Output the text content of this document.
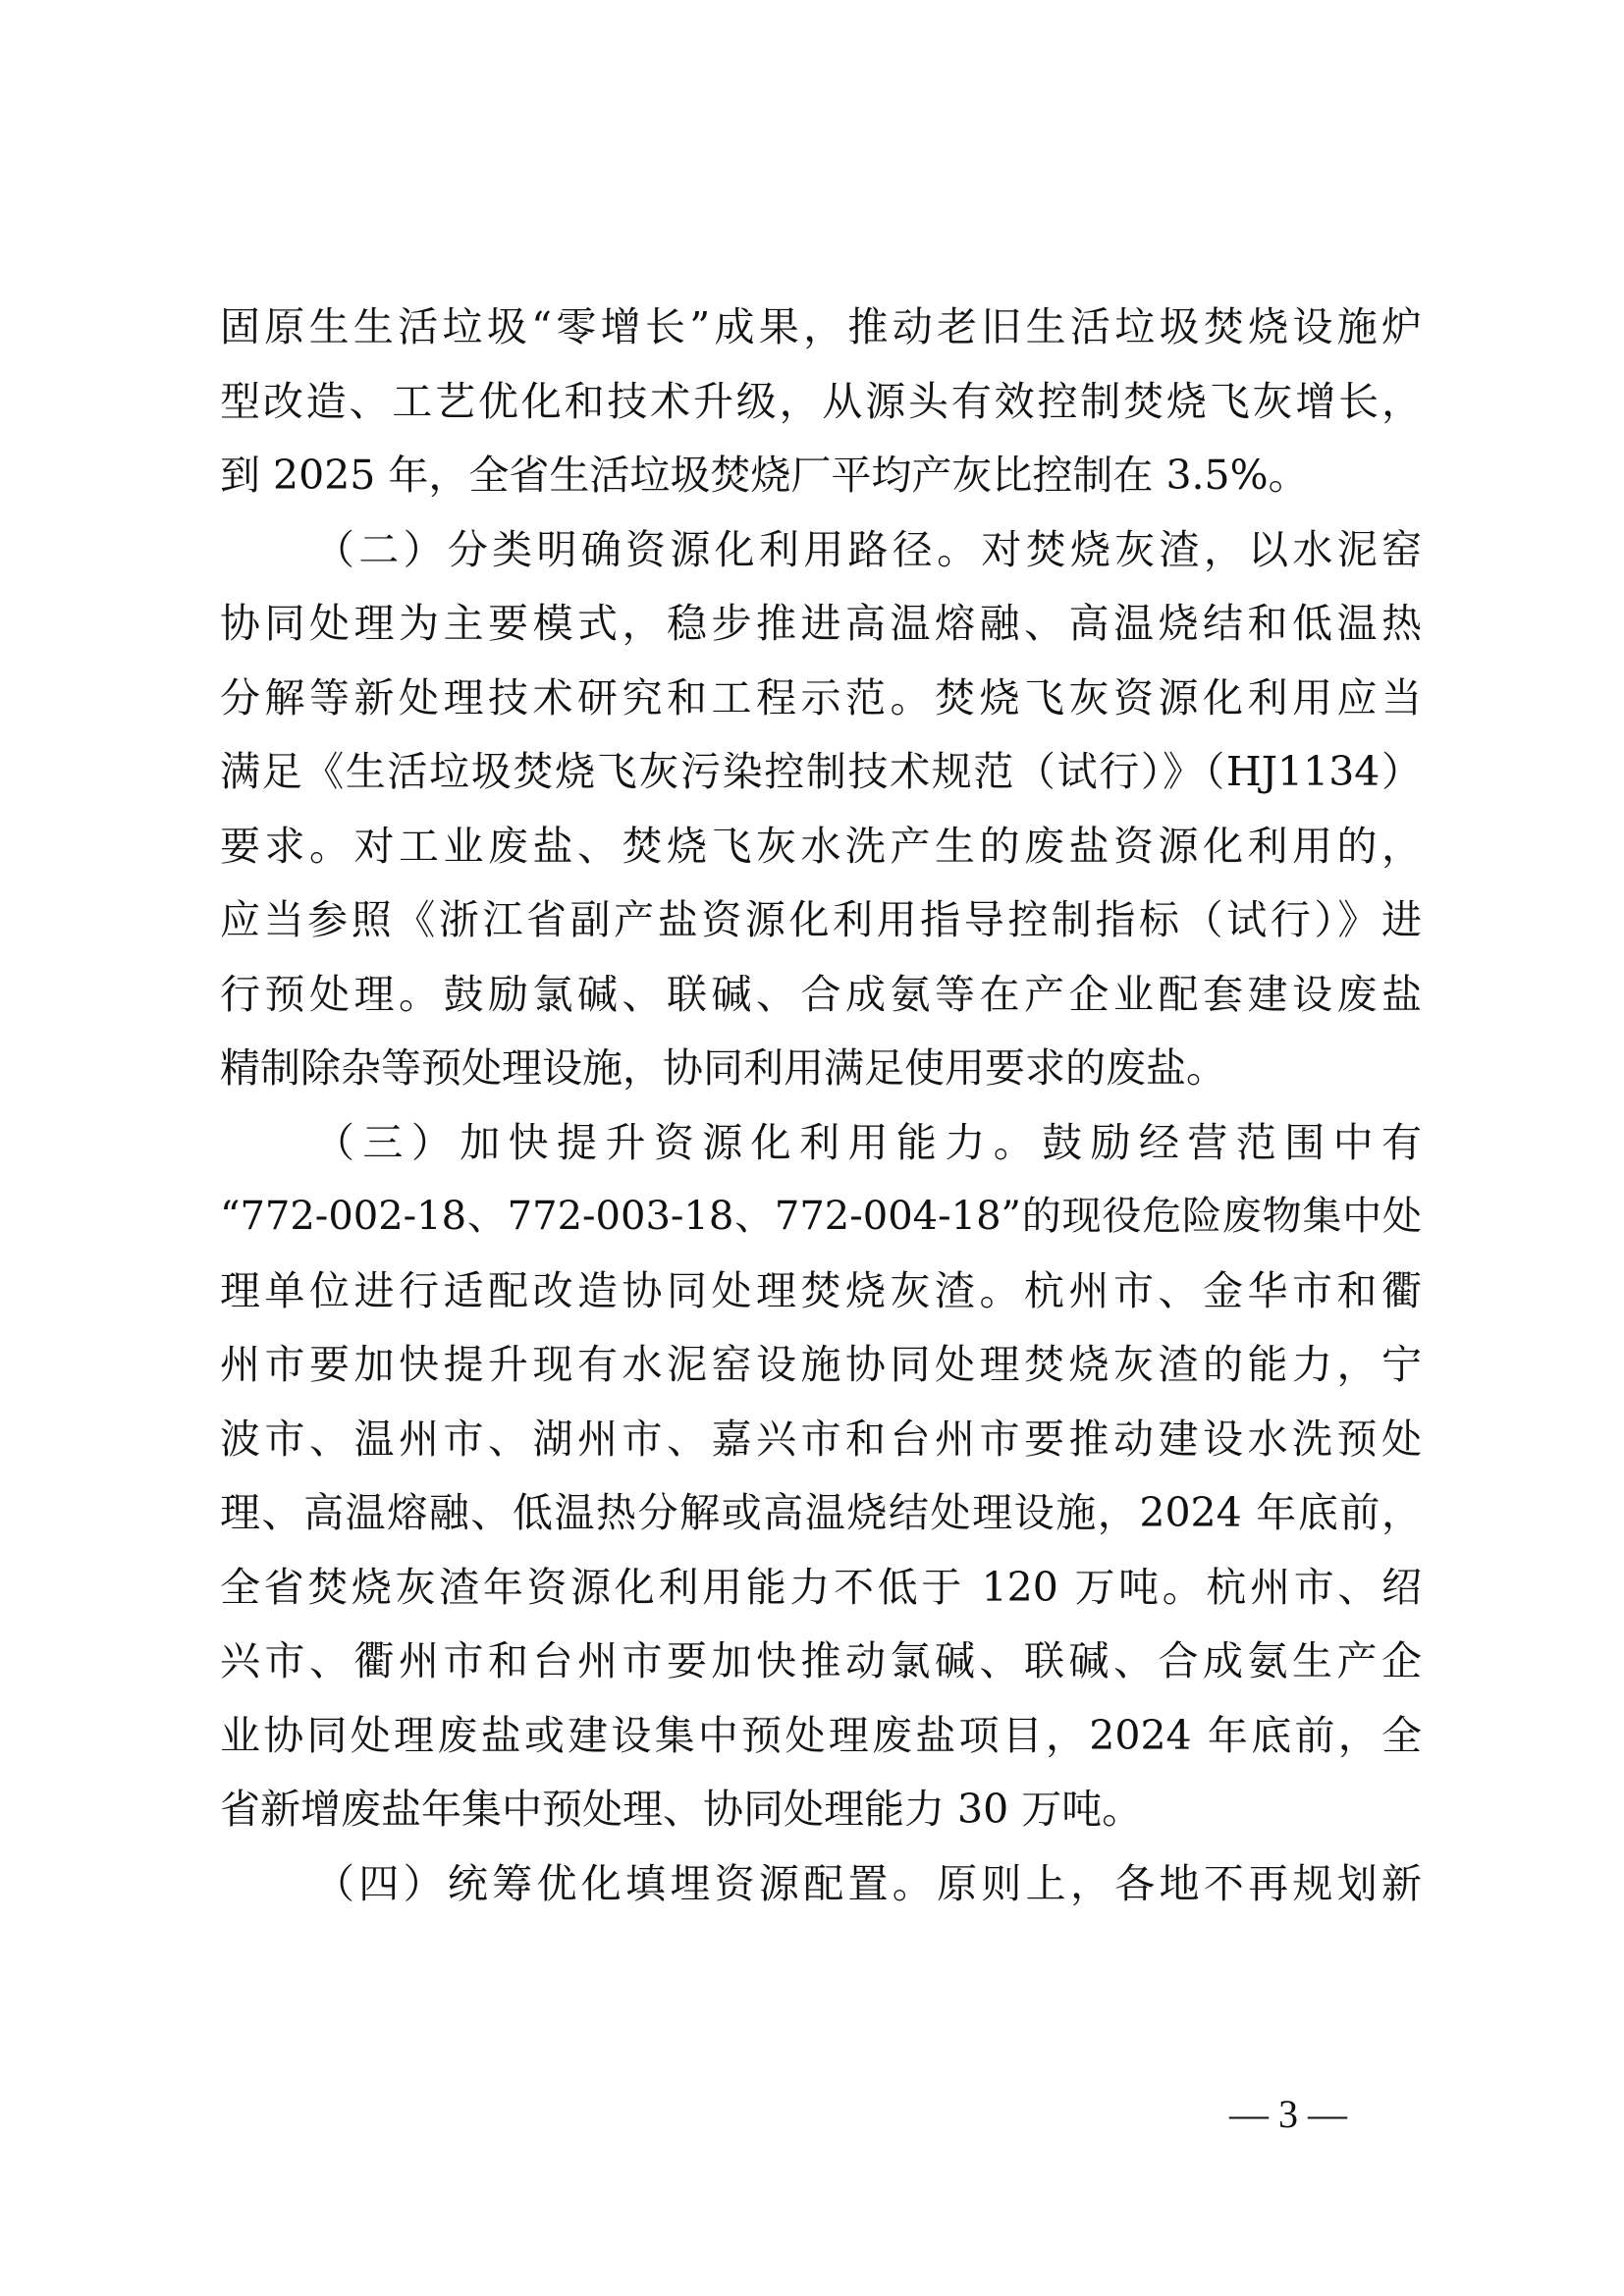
固原生生活垃圾“零增长”成果，推动老旧生活垃圾焚烧设施炉
型改造、工艺优化和技术升级，从源头有效控制焚烧飞灰增长，
到 2025 年，全省生活垃圾焚烧厂平均产灰比控制在 3.5%。
（二）分类明确资源化利用路径。对焚烧灰渣，以水泥窑
协同处理为主要模式，稳步推进高温熔融、高温烧结和低温热
分解等新处理技术研究和工程示范。焚烧飞灰资源化利用应当
满足《生活垃圾焚烧飞灰污染控制技术规范（试行）》（HJ1134）
要求。对工业废盐、焚烧飞灰水洗产生的废盐资源化利用的，
应当参照《浙江省副产盐资源化利用指导控制指标（试行）》进
行预处理。鼓励氯碱、联碱、合成氨等在产企业配套建设废盐
精制除杂等预处理设施，协同利用满足使用要求的废盐。
（三）加快提升资源化利用能力。鼓励经营范围中有
“772-002-18、772-003-18、772-004-18”的现役危险废物集中处
理单位进行适配改造协同处理焚烧灰渣。杭州市、金华市和衢
州市要加快提升现有水泥窑设施协同处理焚烧灰渣的能力，宁
波市、温州市、湖州市、嘉兴市和台州市要推动建设水洗预处
理、高温熔融、低温热分解或高温烧结处理设施，2024 年底前，
全省焚烧灰渣年资源化利用能力不低于 120 万吨。杭州市、绍
兴市、衢州市和台州市要加快推动氯碱、联碱、合成氨生产企
业协同处理废盐或建设集中预处理废盐项目，2024 年底前，全
省新增废盐年集中预处理、协同处理能力 30 万吨。
（四）统筹优化填埋资源配置。原则上，各地不再规划新
— 3 —
